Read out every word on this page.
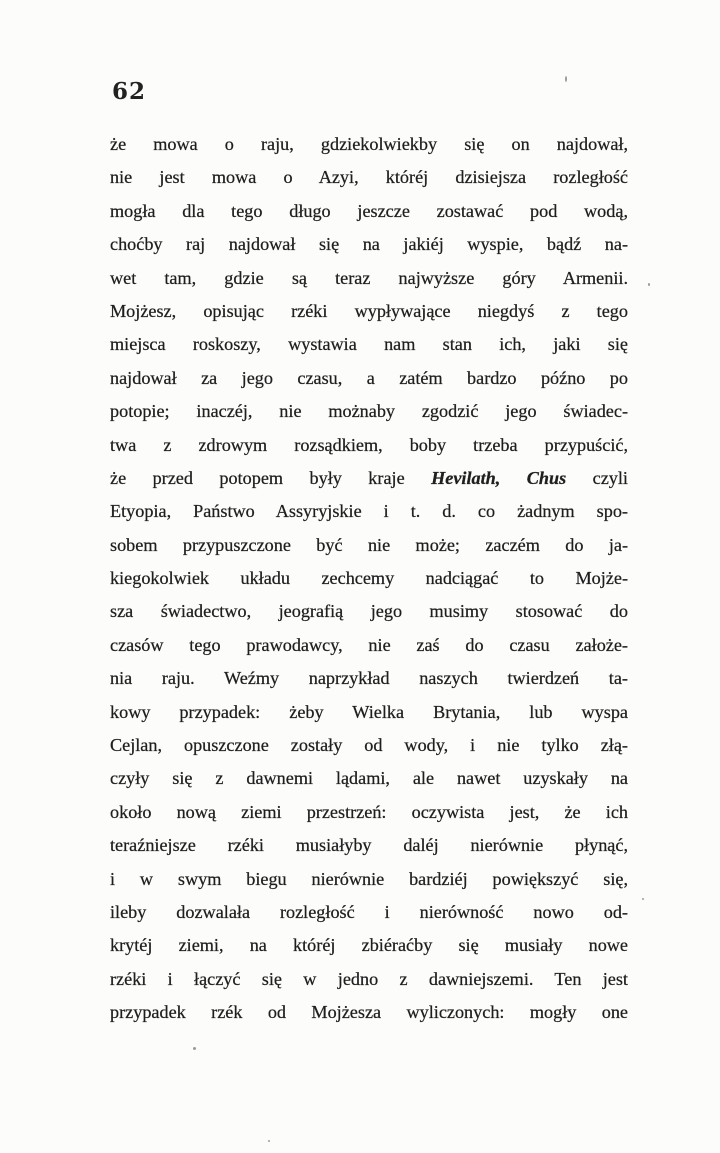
62
że mowa o raju, gdziekolwiekby się on najdował,
nie jest mowa o Azyi, któréj dzisiejsza rozległość
mogła dla tego długo jeszcze zostawać pod wodą,
choćby raj najdował się na jakiéj wyspie, bądź na-
wet tam, gdzie są teraz najwyższe góry Armenii.
Mojżesz, opisując rzéki wypływające niegdyś z tego
miejsca roskoszy, wystawia nam stan ich, jaki się
najdował za jego czasu, a zatém bardzo późno po
potopie; inaczéj, nie możnaby zgodzić jego świadec-
twa z zdrowym rozsądkiem, boby trzeba przypuścić,
że przed potopem były kraje Hevilath, Chus czyli
Etyopia, Państwo Assyryjskie i t. d. co żadnym spo-
sobem przypuszczone być nie może; zaczém do ja-
kiegokolwiek układu zechcemy nadciągać to Mojże-
sza świadectwo, jeografią jego musimy stosować do
czasów tego prawodawcy, nie zaś do czasu założe-
nia raju. Weźmy naprzykład naszych twierdzeń ta-
kowy przypadek: żeby Wielka Brytania, lub wyspa
Cejlan, opuszczone zostały od wody, i nie tylko złą-
czyły się z dawnemi lądami, ale nawet uzyskały na
około nową ziemi przestrzeń: oczywista jest, że ich
teraźniejsze rzéki musiałyby daléj nierównie płynąć,
i w swym biegu nierównie bardziéj powiększyć się,
ileby dozwalała rozległość i nierówność nowo od-
krytéj ziemi, na któréj zbiéraćby się musiały nowe
rzéki i łączyć się w jedno z dawniejszemi. Ten jest
przypadek rzék od Mojżesza wyliczonych: mogły one
